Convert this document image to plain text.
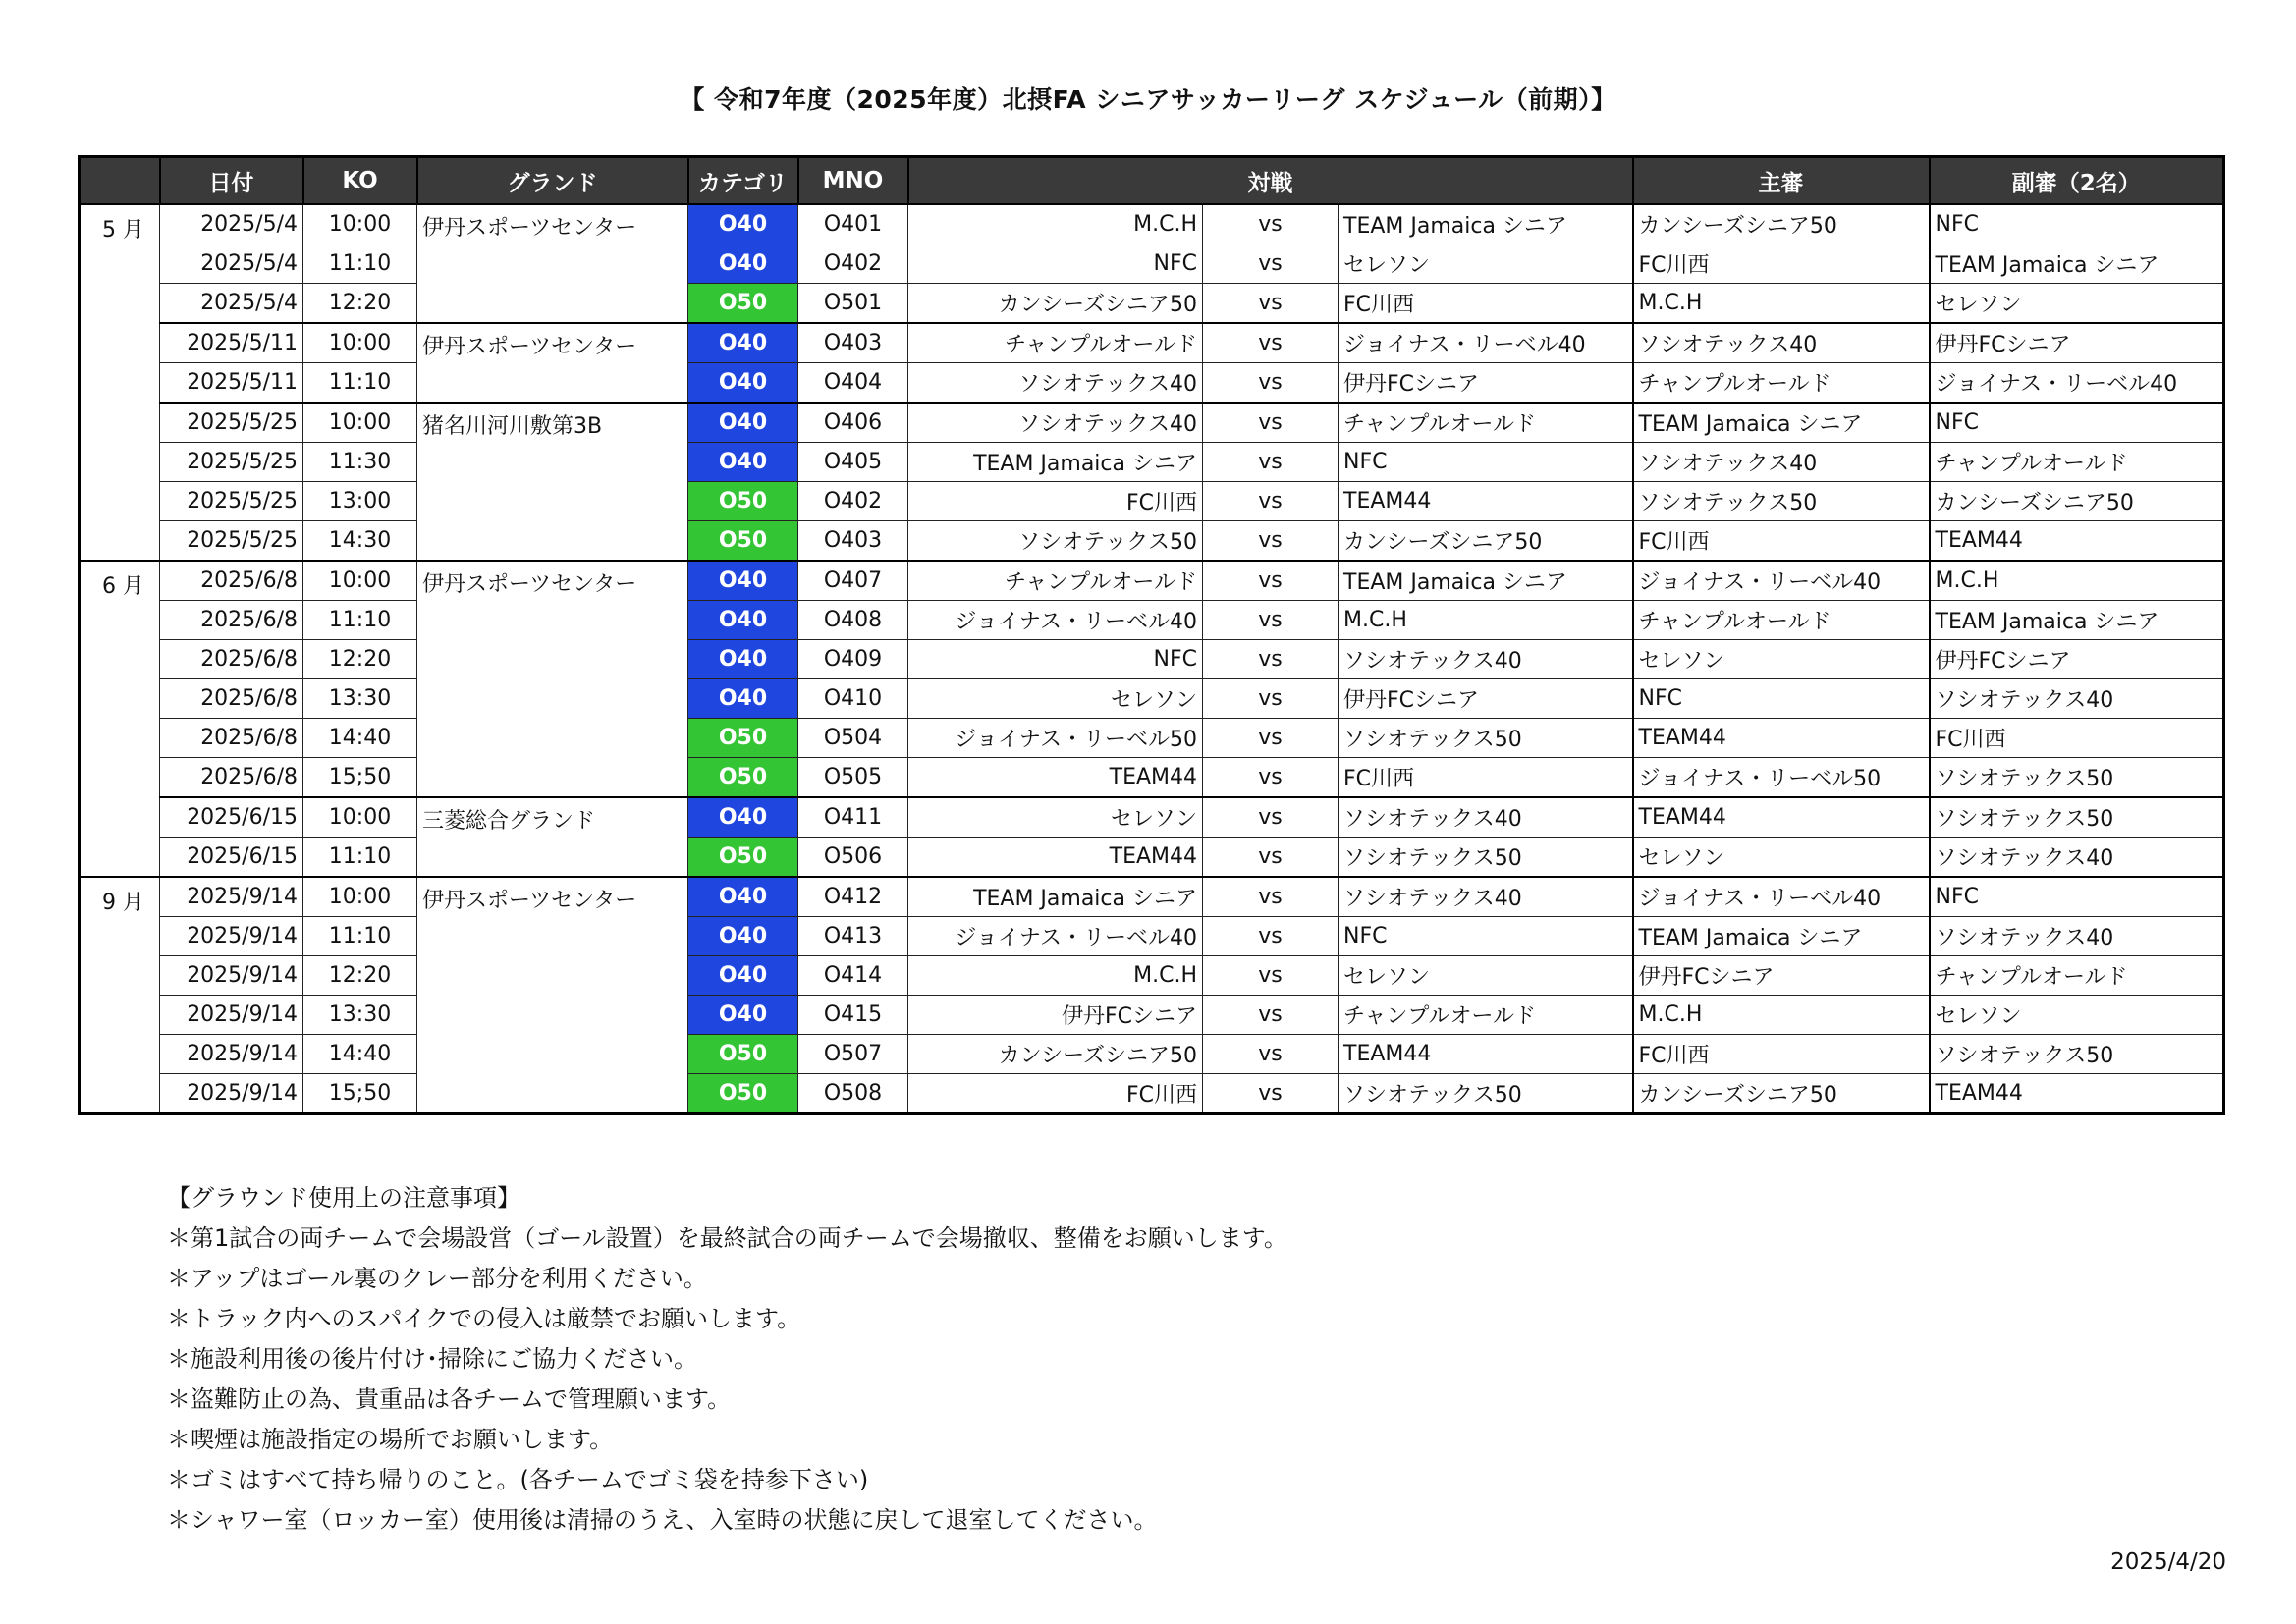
【 令和7年度（2025年度）北摂FA シニアサッカーリーグ スケジュール（前期）】
	日付	KO	グランド	カテゴリ	MNO	対戦			主審	副審（2名）
5 月	2025/5/4	10:00	伊丹スポーツセンター	O40	O401	M.C.H	vs	TEAM Jamaica シニア	カンシーズシニア50	NFC
	2025/5/4	11:10		O40	O402	NFC	vs	セレソン	FC川西	TEAM Jamaica シニア
	2025/5/4	12:20		O50	O501	カンシーズシニア50	vs	FC川西	M.C.H	セレソン
	2025/5/11	10:00	伊丹スポーツセンター	O40	O403	チャンプルオールド	vs	ジョイナス・リーベル40	ソシオテックス40	伊丹FCシニア
	2025/5/11	11:10		O40	O404	ソシオテックス40	vs	伊丹FCシニア	チャンプルオールド	ジョイナス・リーベル40
	2025/5/25	10:00	猪名川河川敷第3B	O40	O406	ソシオテックス40	vs	チャンプルオールド	TEAM Jamaica シニア	NFC
	2025/5/25	11:30		O40	O405	TEAM Jamaica シニア	vs	NFC	ソシオテックス40	チャンプルオールド
	2025/5/25	13:00		O50	O402	FC川西	vs	TEAM44	ソシオテックス50	カンシーズシニア50
	2025/5/25	14:30		O50	O403	ソシオテックス50	vs	カンシーズシニア50	FC川西	TEAM44
6 月	2025/6/8	10:00	伊丹スポーツセンター	O40	O407	チャンプルオールド	vs	TEAM Jamaica シニア	ジョイナス・リーベル40	M.C.H
	2025/6/8	11:10		O40	O408	ジョイナス・リーベル40	vs	M.C.H	チャンプルオールド	TEAM Jamaica シニア
	2025/6/8	12:20		O40	O409	NFC	vs	ソシオテックス40	セレソン	伊丹FCシニア
	2025/6/8	13:30		O40	O410	セレソン	vs	伊丹FCシニア	NFC	ソシオテックス40
	2025/6/8	14:40		O50	O504	ジョイナス・リーベル50	vs	ソシオテックス50	TEAM44	FC川西
	2025/6/8	15;50		O50	O505	TEAM44	vs	FC川西	ジョイナス・リーベル50	ソシオテックス50
	2025/6/15	10:00	三菱総合グランド	O40	O411	セレソン	vs	ソシオテックス40	TEAM44	ソシオテックス50
	2025/6/15	11:10		O50	O506	TEAM44	vs	ソシオテックス50	セレソン	ソシオテックス40
9 月	2025/9/14	10:00	伊丹スポーツセンター	O40	O412	TEAM Jamaica シニア	vs	ソシオテックス40	ジョイナス・リーベル40	NFC
	2025/9/14	11:10		O40	O413	ジョイナス・リーベル40	vs	NFC	TEAM Jamaica シニア	ソシオテックス40
	2025/9/14	12:20		O40	O414	M.C.H	vs	セレソン	伊丹FCシニア	チャンプルオールド
	2025/9/14	13:30		O40	O415	伊丹FCシニア	vs	チャンプルオールド	M.C.H	セレソン
	2025/9/14	14:40		O50	O507	カンシーズシニア50	vs	TEAM44	FC川西	ソシオテックス50
	2025/9/14	15;50		O50	O508	FC川西	vs	ソシオテックス50	カンシーズシニア50	TEAM44
【グラウンド使用上の注意事項】
＊第1試合の両チームで会場設営（ゴール設置）を最終試合の両チームで会場撤収、整備をお願いします。
＊アップはゴール裏のクレー部分を利用ください。
＊トラック内へのスパイクでの侵入は厳禁でお願いします。
＊施設利用後の後片付け･掃除にご協力ください。
＊盗難防止の為、貴重品は各チームで管理願います。
＊喫煙は施設指定の場所でお願いします。
＊ゴミはすべて持ち帰りのこと。(各チームでゴミ袋を持参下さい)
＊シャワー室（ロッカー室）使用後は清掃のうえ、入室時の状態に戻して退室してください。
2025/4/20
